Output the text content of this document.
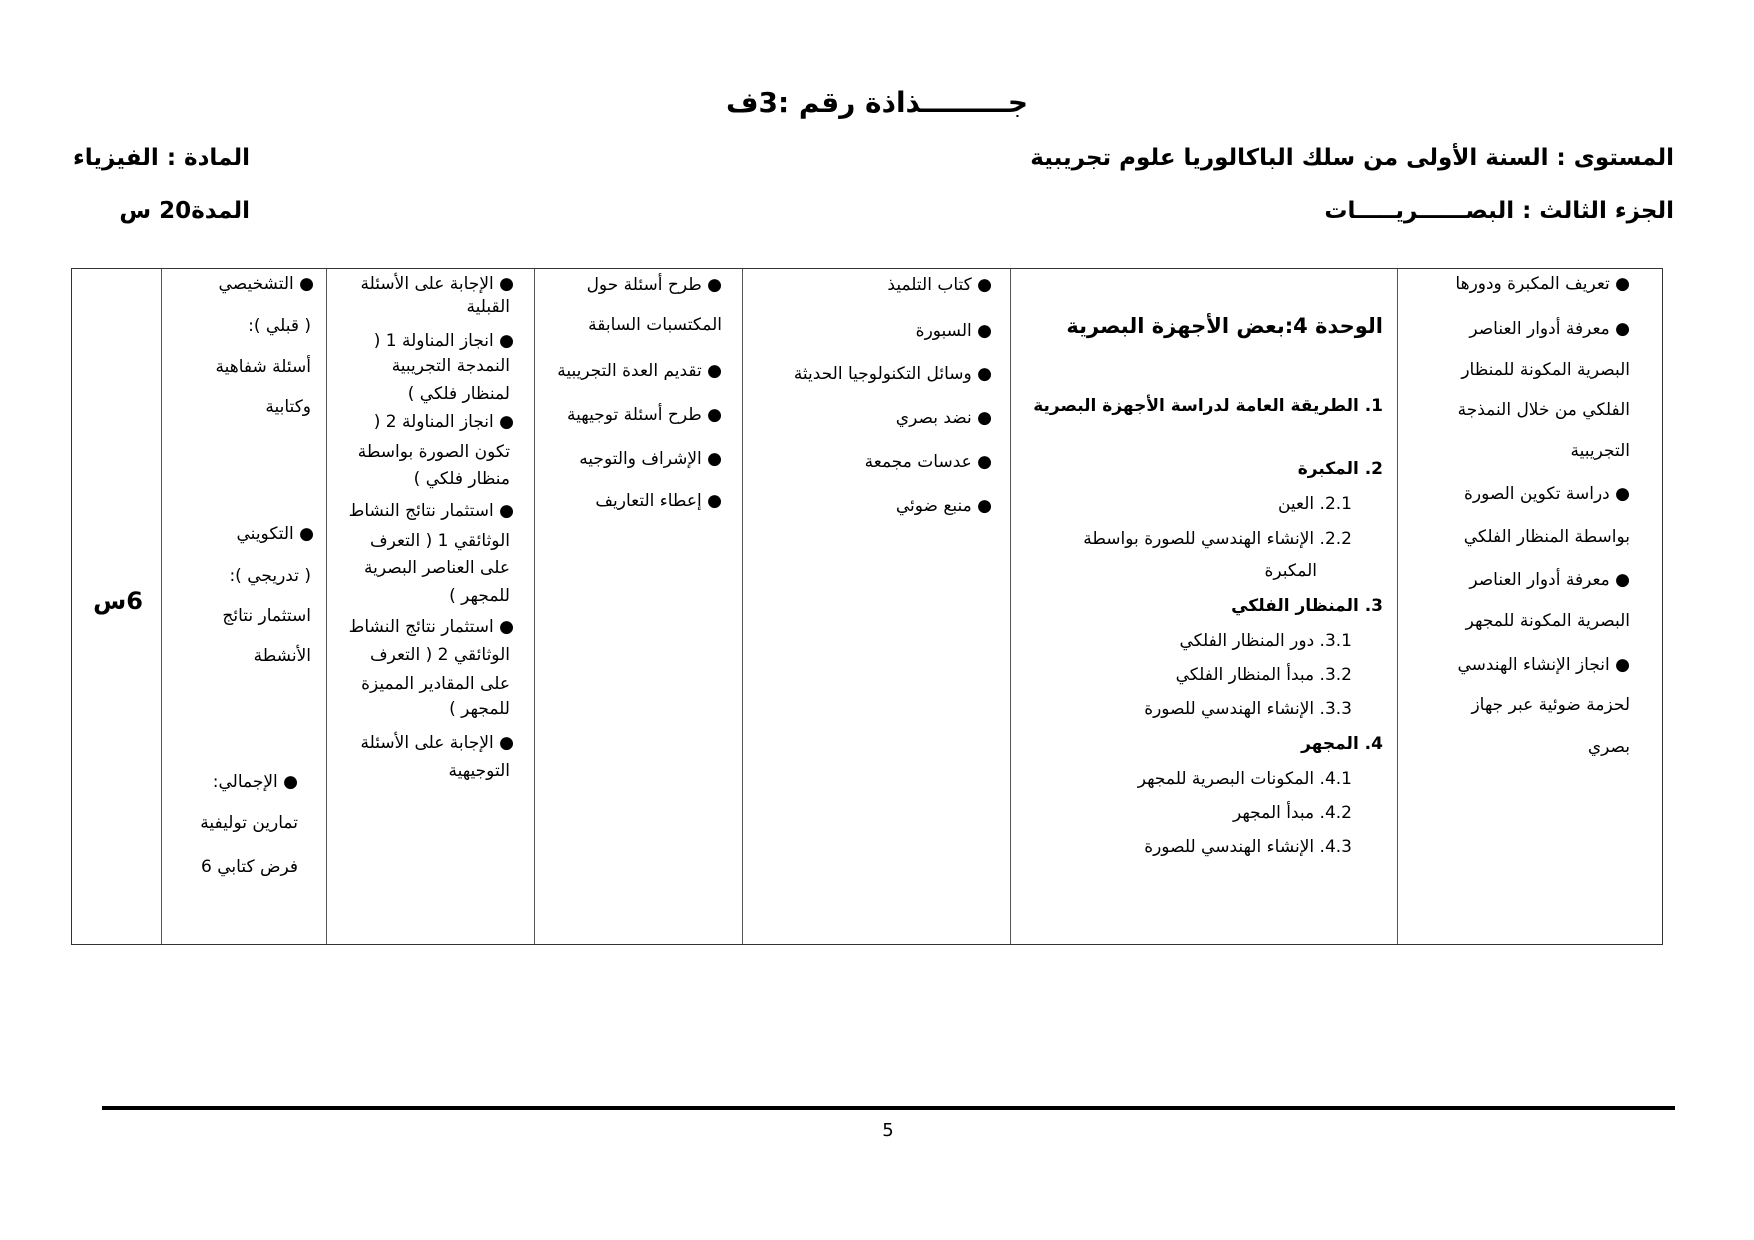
جـــــــــذاذة رقم :3ف
المستوى : السنة الأولى من سلك الباكالوريا علوم تجريبية
الجزء الثالث : البصــــــريـــــات
المادة : الفيزياء
المدة20 س
● تعريف المكبرة ودورها
● معرفة أدوار العناصر
البصرية المكونة للمنظار
الفلكي من خلال النمذجة
التجريبية
● دراسة تكوين الصورة
بواسطة المنظار الفلكي
● معرفة أدوار العناصر
البصرية المكونة للمجهر
● انجاز الإنشاء الهندسي
لحزمة ضوئية عبر جهاز
بصري
الوحدة 4:بعض الأجهزة البصرية
1. الطريقة العامة لدراسة الأجهزة البصرية
2. المكبرة
2.1. العين
2.2. الإنشاء الهندسي للصورة بواسطة
المكبرة
3. المنظار الفلكي
3.1. دور المنظار الفلكي
3.2. مبدأ المنظار الفلكي
3.3. الإنشاء الهندسي للصورة
4. المجهر
4.1. المكونات البصرية للمجهر
4.2. مبدأ المجهر
4.3. الإنشاء الهندسي للصورة
● كتاب التلميذ
● السبورة
● وسائل التكنولوجيا الحديثة
● نضد بصري
● عدسات مجمعة
● منبع ضوئي
● طرح أسئلة حول
المكتسبات السابقة
● تقديم العدة التجريبية
● طرح أسئلة توجيهية
● الإشراف والتوجيه
● إعطاء التعاريف
● الإجابة على الأسئلة
القبلية
● انجاز المناولة 1 (
النمدجة التجريبية
لمنظار فلكي )
● انجاز المناولة 2 (
تكون الصورة بواسطة
منظار فلكي )
● استثمار نتائج النشاط
الوثائقي 1 ( التعرف
على العناصر البصرية
للمجهر )
● استثمار نتائج النشاط
الوثائقي 2 ( التعرف
على المقادير المميزة
للمجهر )
● الإجابة على الأسئلة
التوجيهية
● التشخيصي
( قبلي ):
أسئلة شفاهية
وكتابية
● التكويني
( تدريجي ):
استثمار نتائج
الأنشطة
● الإجمالي:
تمارين توليفية
فرض كتابي 6
6س
5
